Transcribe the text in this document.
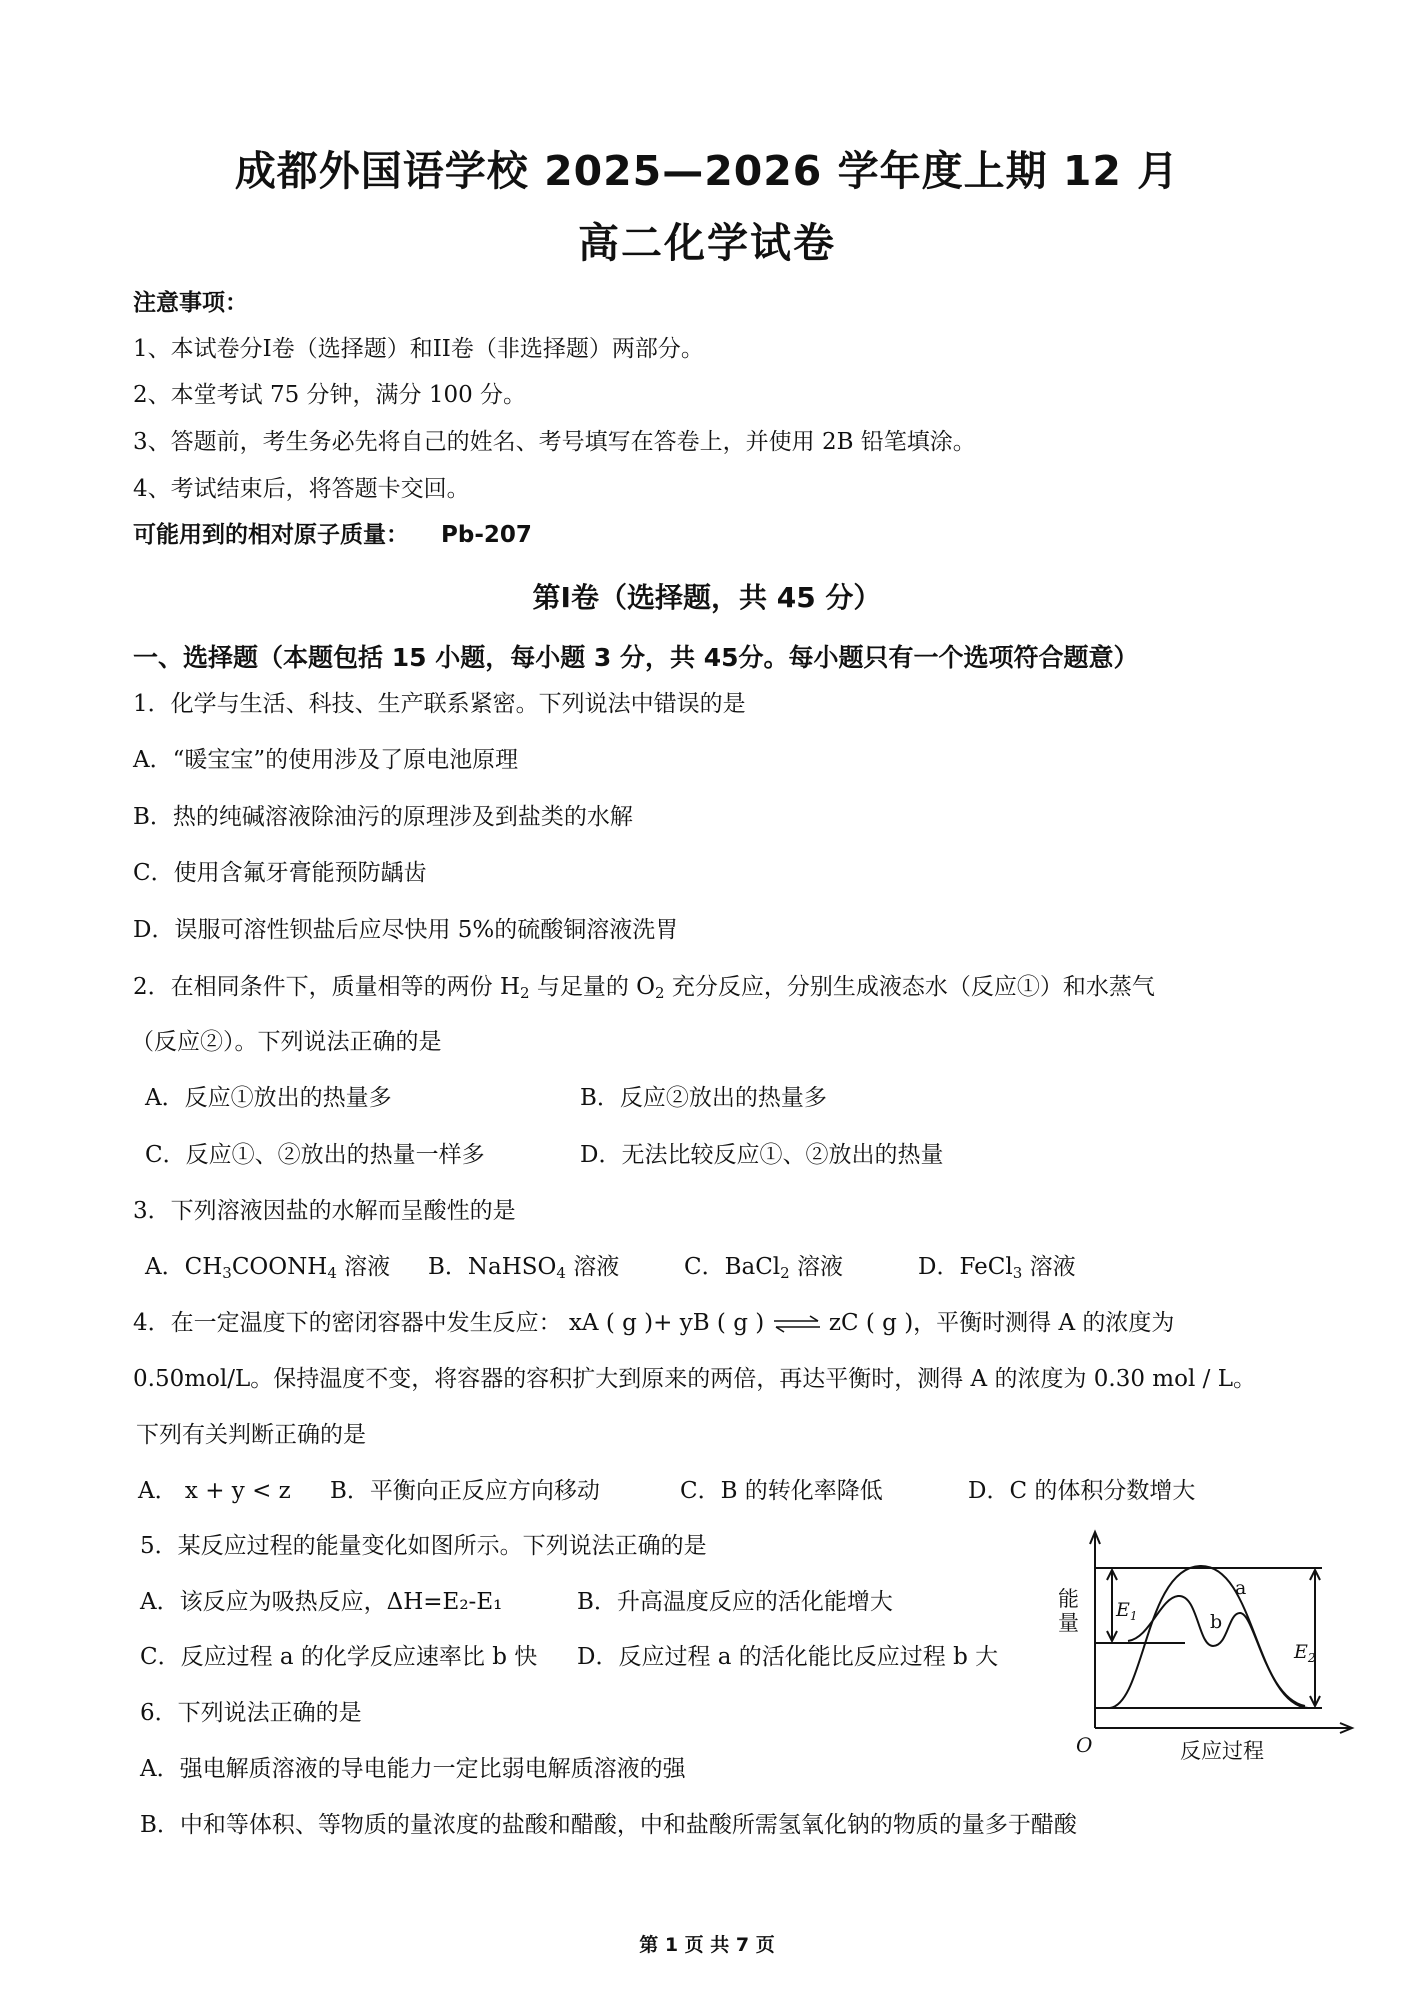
成都外国语学校 2025—2026 学年度上期 12 月
高二化学试卷
注意事项：
1、本试卷分I卷（选择题）和II卷（非选择题）两部分。
2、本堂考试 75 分钟，满分 100 分。
3、答题前，考生务必先将自己的姓名、考号填写在答卷上，并使用 2B 铅笔填涂。
4、考试结束后，将答题卡交回。
可能用到的相对原子质量： Pb-207
第I卷（选择题，共 45 分）
一、选择题（本题包括 15 小题，每小题 3 分，共 45分。每小题只有一个选项符合题意）
1．化学与生活、科技、生产联系紧密。下列说法中错误的是
A．“暖宝宝”的使用涉及了原电池原理
B．热的纯碱溶液除油污的原理涉及到盐类的水解
C．使用含氟牙膏能预防龋齿
D．误服可溶性钡盐后应尽快用 5%的硫酸铜溶液洗胃
2．在相同条件下，质量相等的两份 $H_2$ 与足量的 $O_2$ 充分反应，分别生成液态水（反应①）和水蒸气
（反应②）。下列说法正确的是
A．反应①放出的热量多	B．反应②放出的热量多
C．反应①、②放出的热量一样多	D．无法比较反应①、②放出的热量
3．下列溶液因盐的水解而呈酸性的是
A．$CH_3COONH_4$ 溶液 B．NaHSO$_4$ 溶液	C．BaCl$_2$ 溶液	D．FeCl$_3$ 溶液
4．在一定温度下的密闭容器中发生反应： xA ( g )+ yB ( g ) ⇌ zC ( g )，平衡时测得 A 的浓度为
0.50mol/L。保持温度不变，将容器的容积扩大到原来的两倍，再达平衡时，测得 A 的浓度为 0.30 mol / L。
下列有关判断正确的是
A． x + y < z B．平衡向正反应方向移动	C．B 的转化率降低	D．C 的体积分数增大
5．某反应过程的能量变化如图所示。下列说法正确的是
A．该反应为吸热反应，ΔH=E₂-E₁	B．升高温度反应的活化能增大
C．反应过程 a 的化学反应速率比 b 快 D．反应过程 a 的活化能比反应过程 b 大
6．下列说法正确的是
A．强电解质溶液的导电能力一定比弱电解质溶液的强
B．中和等体积、等物质的量浓度的盐酸和醋酸，中和盐酸所需氢氧化钠的物质的量多于醋酸
能
量
反应过程
O
a
b
$E_1$
$E_2$
第 1 页 共 7 页
